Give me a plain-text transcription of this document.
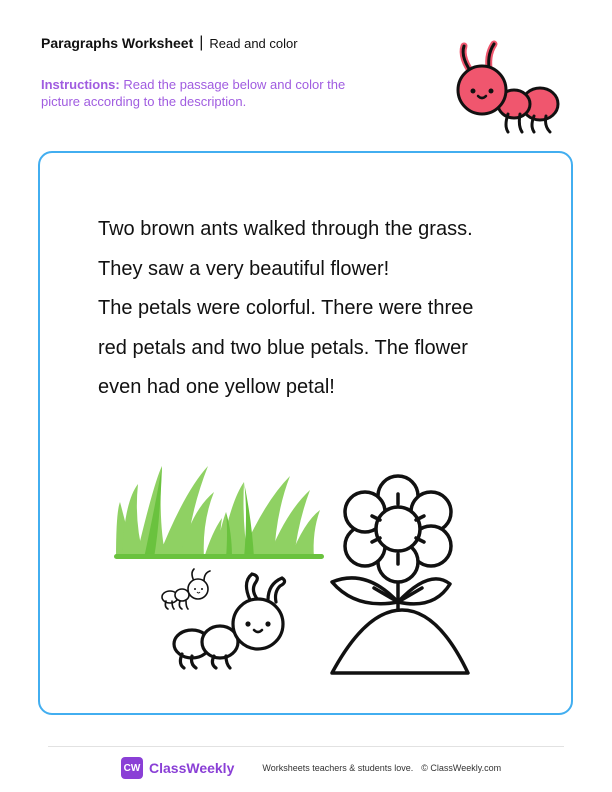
Paragraphs Worksheet | Read and color
Instructions: Read the passage below and color the picture according to the description.
Two brown ants walked through the grass.
They saw a very beautiful flower!
The petals were colorful. There were three
red petals and two blue petals. The flower
even had one yellow petal!
CW ClassWeekly	Worksheets teachers & students love. © ClassWeekly.com
